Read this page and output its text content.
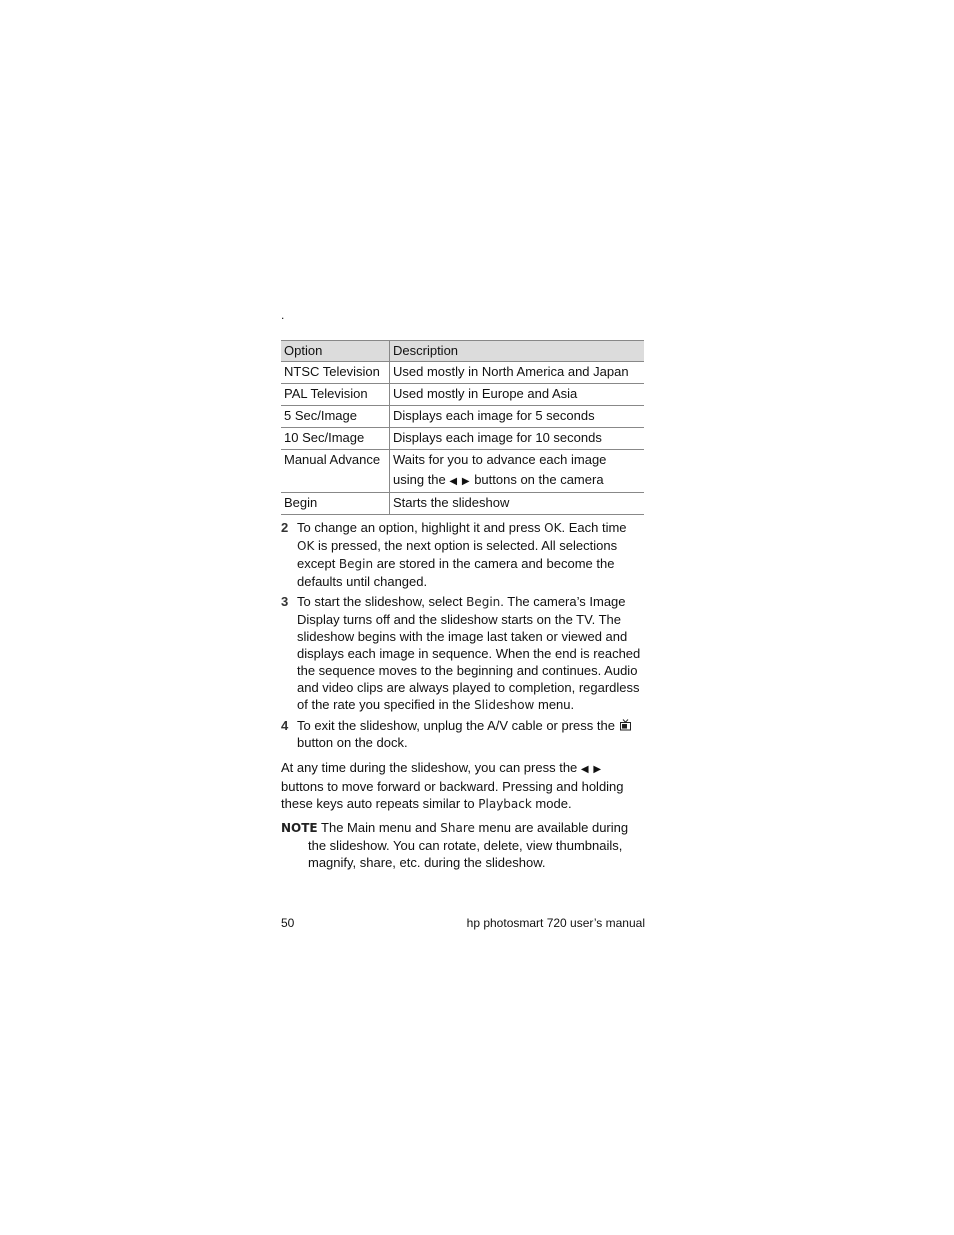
.
Option	Description
NTSC Television	Used mostly in North America and Japan
PAL Television	Used mostly in Europe and Asia
5 Sec/Image	Displays each image for 5 seconds
10 Sec/Image	Displays each image for 10 seconds
Manual Advance	Waits for you to advance each image
using the ◀ ▶ buttons on the camera
Begin	Starts the slideshow
2 To change an option, highlight it and press OK. Each time OK is pressed, the next option is selected. All selections except Begin are stored in the camera and become the defaults until changed.
3 To start the slideshow, select Begin. The camera’s Image Display turns off and the slideshow starts on the TV. The slideshow begins with the image last taken or viewed and displays each image in sequence. When the end is reached the sequence moves to the beginning and continues. Audio and video clips are always played to completion, regardless of the rate you specified in the Slideshow menu.
4 To exit the slideshow, unplug the A/V cable or press the  button on the dock.
At any time during the slideshow, you can press the ◀ ▶ buttons to move forward or backward. Pressing and holding these keys auto repeats similar to Playback mode.
NOTE The Main menu and Share menu are available during the slideshow. You can rotate, delete, view thumbnails, magnify, share, etc. during the slideshow.
50	hp photosmart 720 user’s manual
